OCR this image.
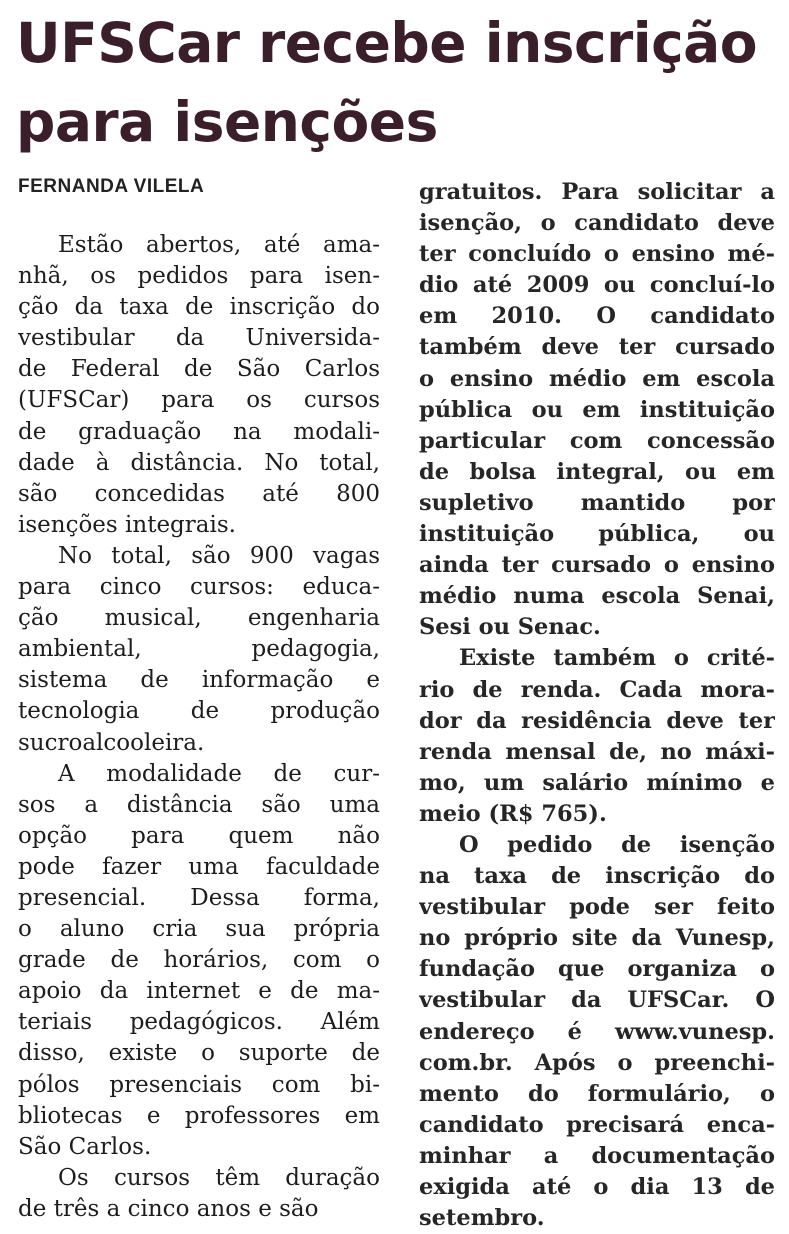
UFSCar recebe inscrição
para isenções

FERNANDA VILELA

Estão abertos, até ama-
nhã, os pedidos para isen-
ção da taxa de inscrição do
vestibular da Universida-
de Federal de São Carlos
(UFSCar) para os cursos
de graduação na modali-
dade à distância. No total,
são concedidas até 800
isenções integrais.
No total, são 900 vagas
para cinco cursos: educa-
ção musical, engenharia
ambiental, pedagogia,
sistema de informação e
tecnologia de produção
sucroalcooleira.
A modalidade de cur-
sos a distância são uma
opção para quem não
pode fazer uma faculdade
presencial. Dessa forma,
o aluno cria sua própria
grade de horários, com o
apoio da internet e de ma-
teriais pedagógicos. Além
disso, existe o suporte de
pólos presenciais com bi-
bliotecas e professores em
São Carlos.
Os cursos têm duração
de três a cinco anos e são
gratuitos. Para solicitar a
isenção, o candidato deve
ter concluído o ensino mé-
dio até 2009 ou concluí-lo
em 2010. O candidato
também deve ter cursado
o ensino médio em escola
pública ou em instituição
particular com concessão
de bolsa integral, ou em
supletivo mantido por
instituição pública, ou
ainda ter cursado o ensino
médio numa escola Senai,
Sesi ou Senac.
Existe também o crité-
rio de renda. Cada mora-
dor da residência deve ter
renda mensal de, no máxi-
mo, um salário mínimo e
meio (R$ 765).
O pedido de isenção
na taxa de inscrição do
vestibular pode ser feito
no próprio site da Vunesp,
fundação que organiza o
vestibular da UFSCar. O
endereço é www.vunesp.
com.br. Após o preenchi-
mento do formulário, o
candidato precisará enca-
minhar a documentação
exigida até o dia 13 de
setembro.
